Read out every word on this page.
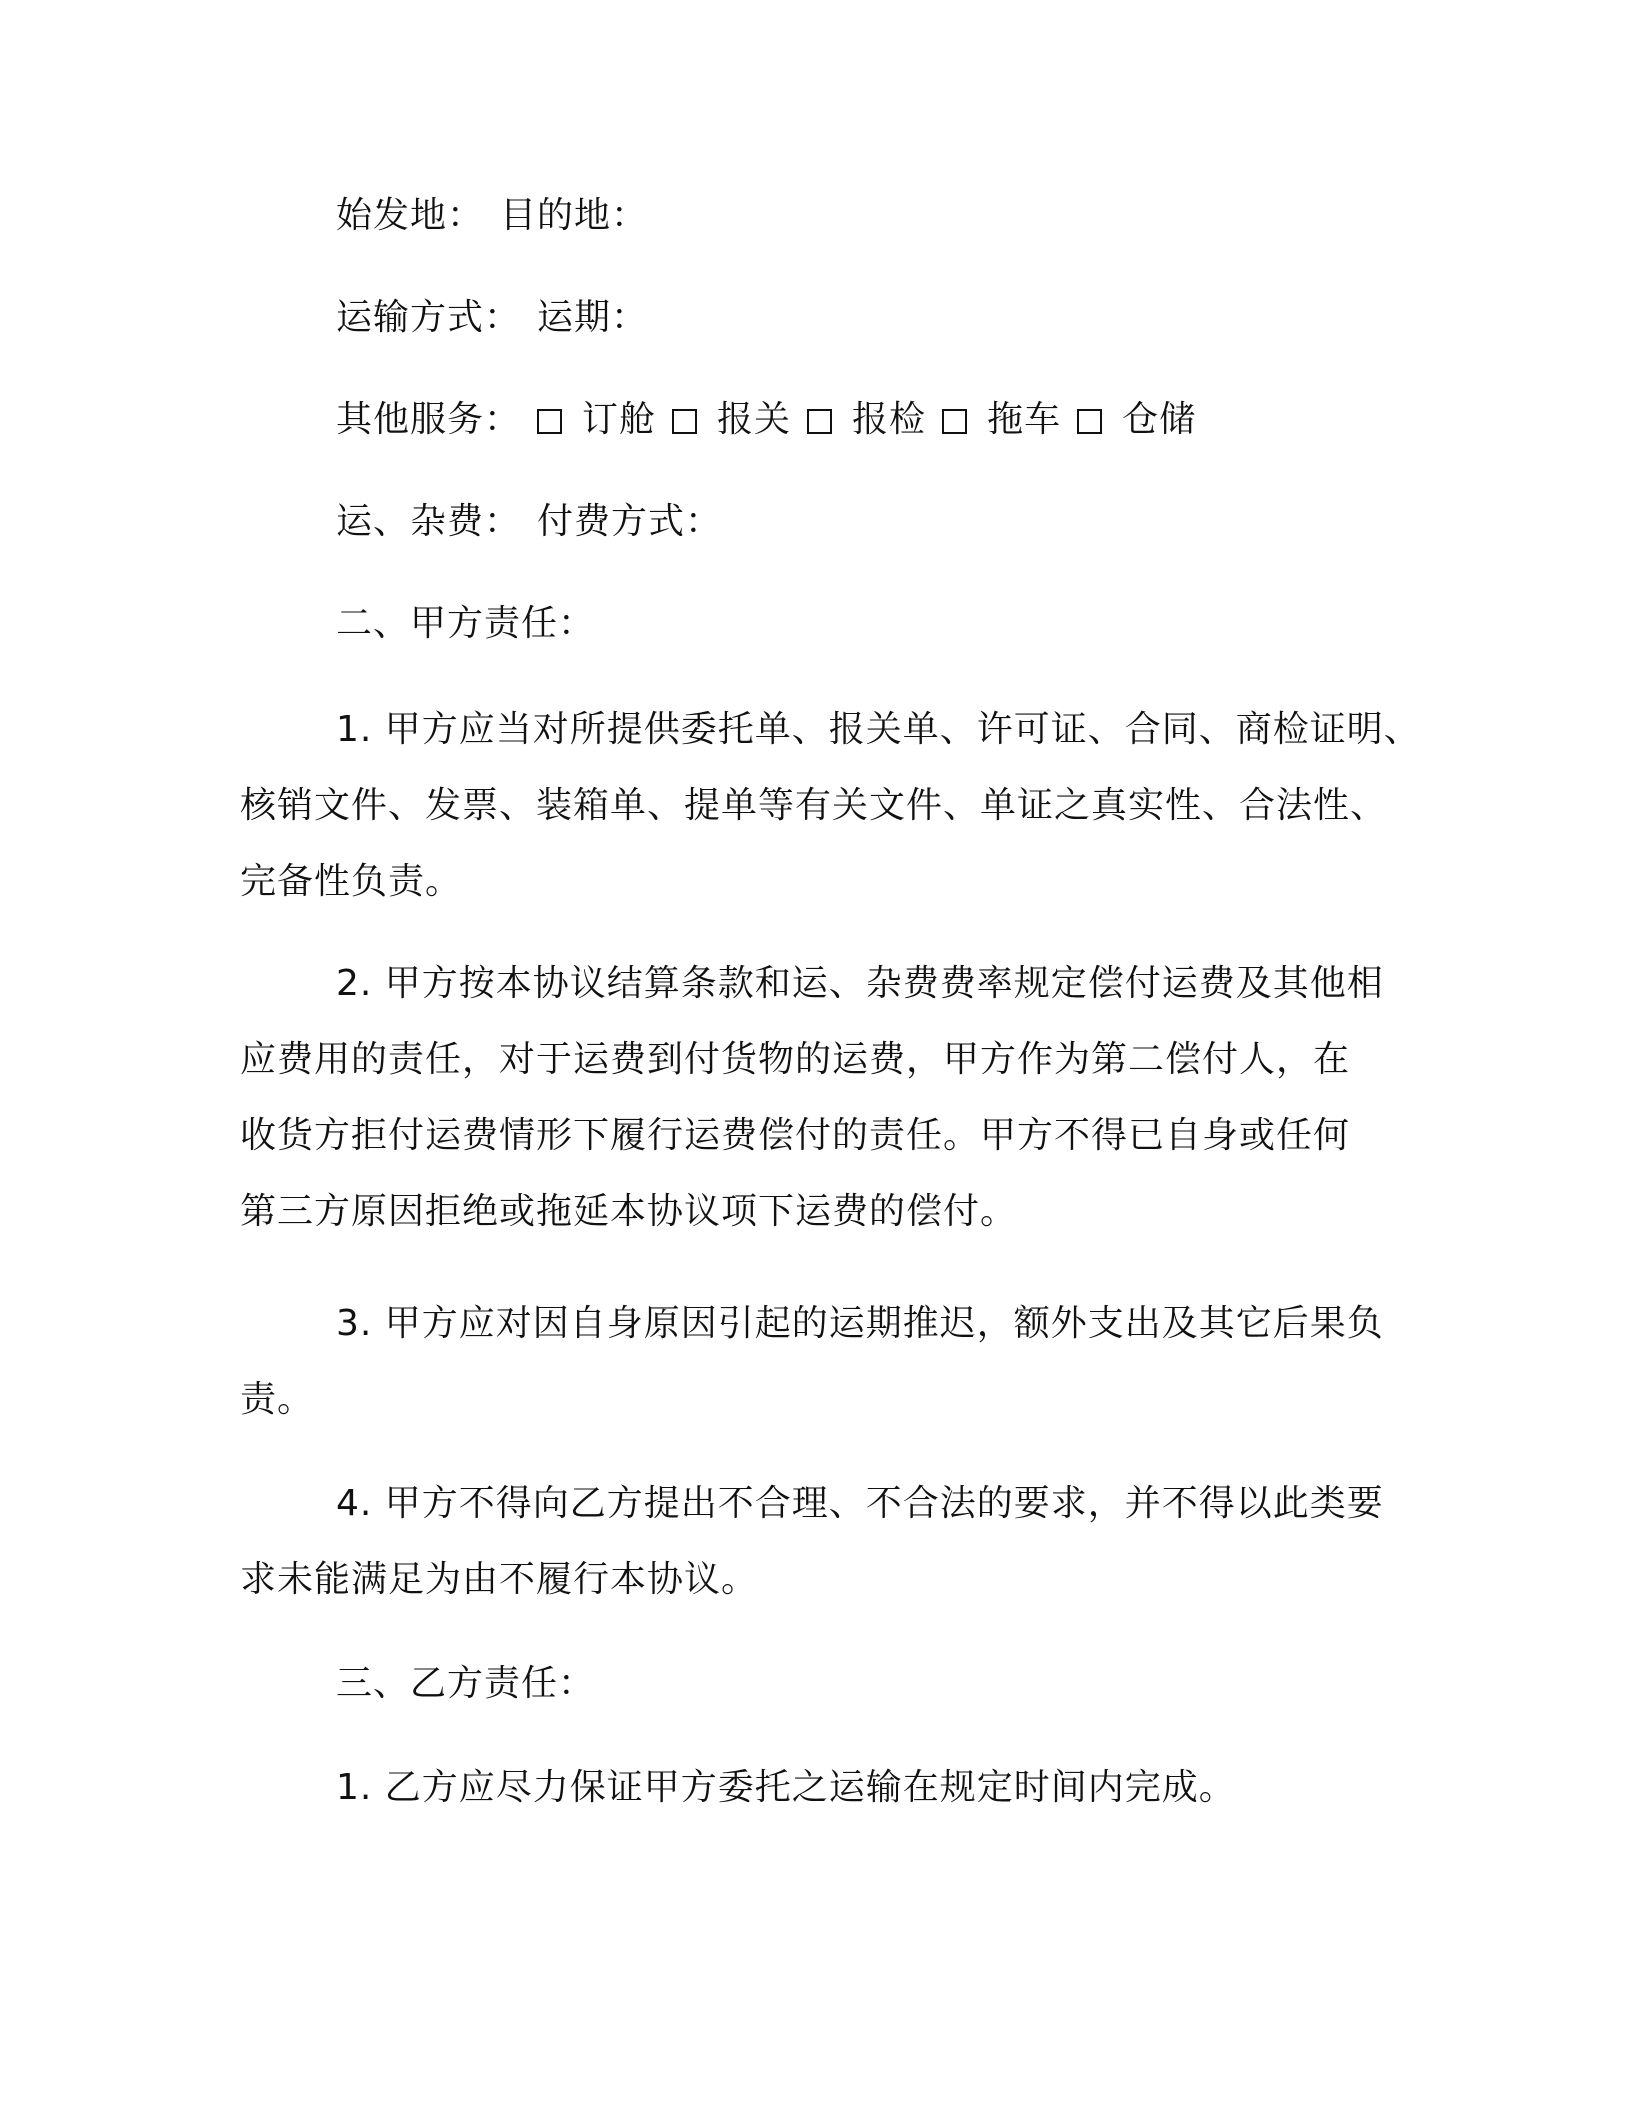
始发地： 目的地：
运输方式： 运期：
其他服务： 订舱 报关 报检 拖车 仓储
运、杂费： 付费方式：
二、甲方责任：
1. 甲方应当对所提供委托单、报关单、许可证、合同、商检证明、
核销文件、发票、装箱单、提单等有关文件、单证之真实性、合法性、
完备性负责。
2. 甲方按本协议结算条款和运、杂费费率规定偿付运费及其他相
应费用的责任，对于运费到付货物的运费，甲方作为第二偿付人，在
收货方拒付运费情形下履行运费偿付的责任。甲方不得已自身或任何
第三方原因拒绝或拖延本协议项下运费的偿付。
3. 甲方应对因自身原因引起的运期推迟，额外支出及其它后果负
责。
4. 甲方不得向乙方提出不合理、不合法的要求，并不得以此类要
求未能满足为由不履行本协议。
三、乙方责任：
1. 乙方应尽力保证甲方委托之运输在规定时间内完成。
